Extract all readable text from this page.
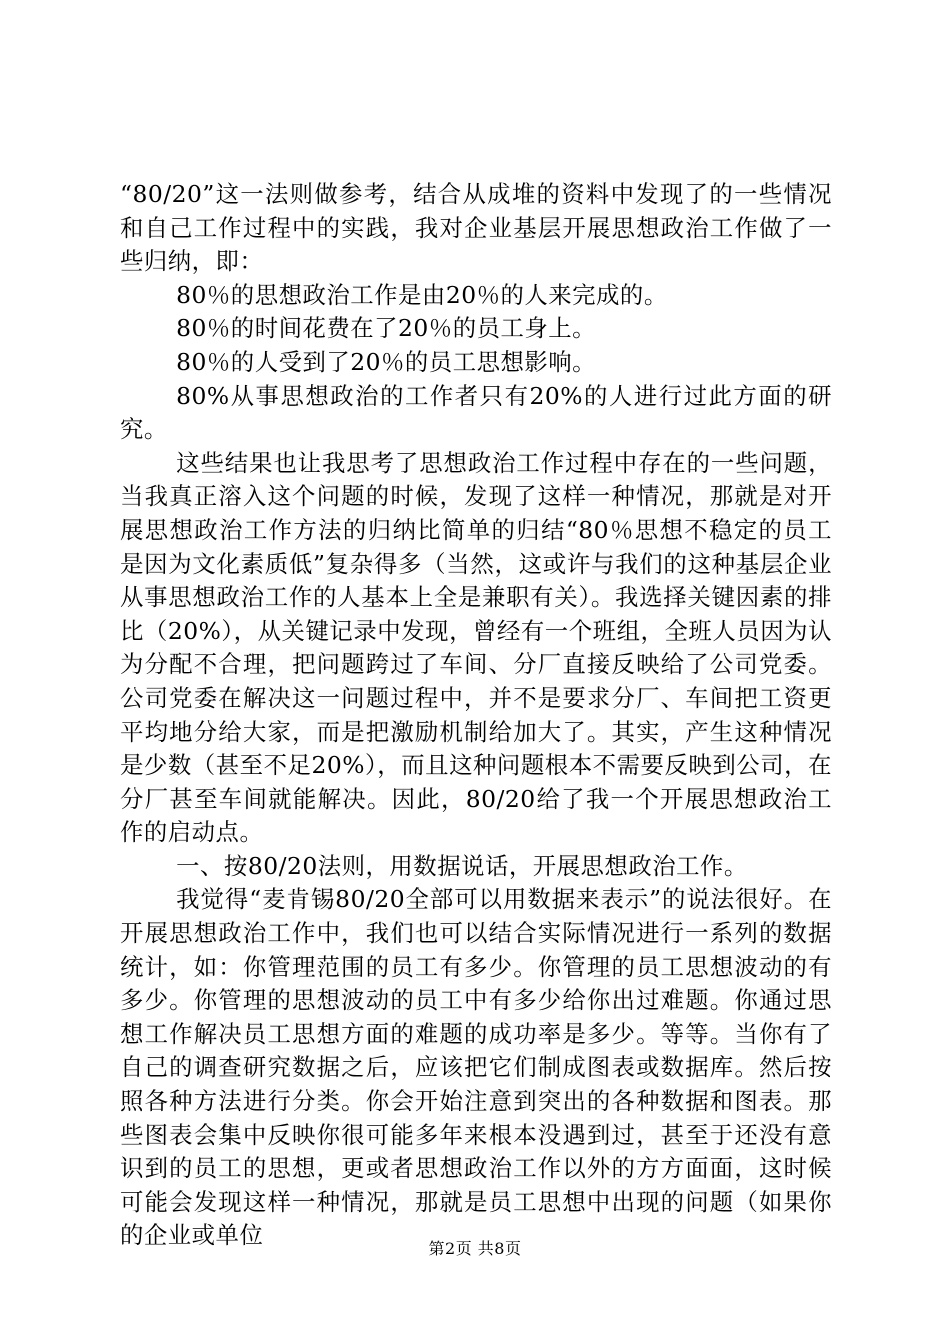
“80/20”这一法则做参考，结合从成堆的资料中发现了的一些情况和自己工作过程中的实践，我对企业基层开展思想政治工作做了一些归纳，即：

80％的思想政治工作是由20％的人来完成的。

80％的时间花费在了20％的员工身上。

80％的人受到了20％的员工思想影响。

80%从事思想政治的工作者只有20%的人进行过此方面的研究。

这些结果也让我思考了思想政治工作过程中存在的一些问题，当我真正溶入这个问题的时候，发现了这样一种情况，那就是对开展思想政治工作方法的归纳比简单的归结“80％思想不稳定的员工是因为文化素质低”复杂得多（当然，这或许与我们的这种基层企业从事思想政治工作的人基本上全是兼职有关）。我选择关键因素的排比（20%），从关键记录中发现，曾经有一个班组，全班人员因为认为分配不合理，把问题跨过了车间、分厂直接反映给了公司党委。公司党委在解决这一问题过程中，并不是要求分厂、车间把工资更平均地分给大家，而是把激励机制给加大了。其实，产生这种情况是少数（甚至不足20%），而且这种问题根本不需要反映到公司，在分厂甚至车间就能解决。因此，80/20给了我一个开展思想政治工作的启动点。

一、按80/20法则，用数据说话，开展思想政治工作。

我觉得“麦肯锡80/20全部可以用数据来表示”的说法很好。在开展思想政治工作中，我们也可以结合实际情况进行一系列的数据统计，如：你管理范围的员工有多少。你管理的员工思想波动的有多少。你管理的思想波动的员工中有多少给你出过难题。你通过思想工作解决员工思想方面的难题的成功率是多少。等等。当你有了自己的调查研究数据之后，应该把它们制成图表或数据库。然后按照各种方法进行分类。你会开始注意到突出的各种数据和图表。那些图表会集中反映你很可能多年来根本没遇到过，甚至于还没有意识到的员工的思想，更或者思想政治工作以外的方方面面，这时候可能会发现这样一种情况，那就是员工思想中出现的问题（如果你的企业或单位	第2页 共8页
